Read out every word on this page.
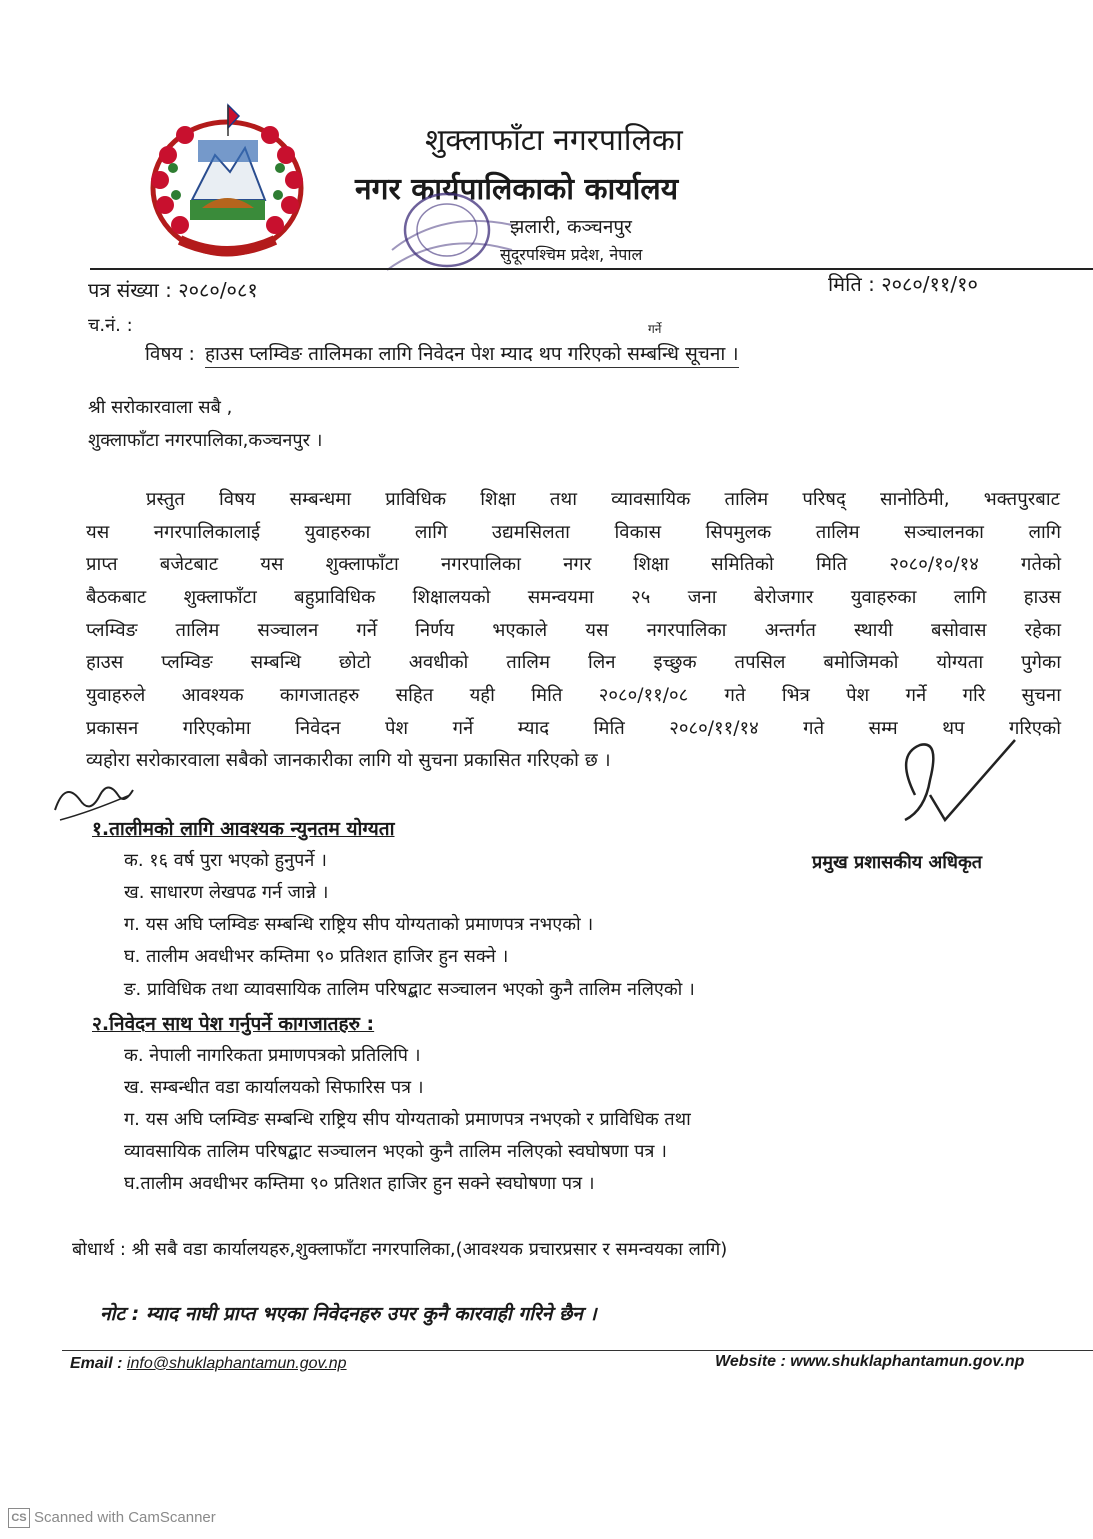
शुक्लाफाँटा नगरपालिका
नगर कार्यपालिकाको कार्यालय
झलारी, कञ्चनपुर
सुदूरपश्चिम प्रदेश, नेपाल
पत्र संख्या : २०८०/०८१	मिति : २०८०/११/१०
च.नं. :
विषय : हाउस प्लम्विङ तालिमका लागि निवेदन पेश म्याद थप गरिएको सम्बन्धि सूचना ।
गर्ने
श्री सरोकारवाला सबै ,
शुक्लाफाँटा नगरपालिका,कञ्चनपुर ।
प्रस्तुत विषय सम्बन्धमा प्राविधिक शिक्षा तथा व्यावसायिक तालिम परिषद् सानोठिमी, भक्तपुरबाट
यस नगरपालिकालाई युवाहरुका लागि उद्यमसिलता विकास सिपमुलक तालिम सञ्चालनका लागि
प्राप्त बजेटबाट यस शुक्लाफाँटा नगरपालिका नगर शिक्षा समितिको मिति २०८०/१०/१४ गतेको
बैठकबाट शुक्लाफाँटा बहुप्राविधिक शिक्षालयको समन्वयमा २५ जना बेरोजगार युवाहरुका लागि हाउस
प्लम्विङ तालिम सञ्चालन गर्ने निर्णय भएकाले यस नगरपालिका अन्तर्गत स्थायी बसोवास रहेका
हाउस प्लम्विङ सम्बन्धि छोटो अवधीको तालिम लिन इच्छुक तपसिल बमोजिमको योग्यता पुगेका
युवाहरुले आवश्यक कागजातहरु सहित यही मिति २०८०/११/०८ गते भित्र पेश गर्ने गरि सुचना
प्रकासन गरिएकोमा निवेदन पेश गर्ने म्याद मिति २०८०/११/१४ गते सम्म थप गरिएको
व्यहोरा सरोकारवाला सबैको जानकारीका लागि यो सुचना प्रकासित गरिएको छ ।
१.तालीमको लागि आवश्यक न्युनतम योग्यता
क. १६ वर्ष पुरा भएको हुनुपर्ने ।
ख. साधारण लेखपढ गर्न जान्ने ।
ग. यस अघि प्लम्विङ सम्बन्धि राष्ट्रिय सीप योग्यताको प्रमाणपत्र नभएको ।
घ. तालीम अवधीभर कम्तिमा ९० प्रतिशत हाजिर हुन सक्ने ।
ङ. प्राविधिक तथा व्यावसायिक तालिम परिषद्बाट सञ्चालन भएको कुनै तालिम नलिएको ।
प्रमुख प्रशासकीय अधिकृत
२.निवेदन साथ पेश गर्नुपर्ने कागजातहरु :
क. नेपाली नागरिकता प्रमाणपत्रको प्रतिलिपि ।
ख. सम्बन्धीत वडा कार्यालयको सिफारिस पत्र ।
ग. यस अघि प्लम्विङ सम्बन्धि राष्ट्रिय सीप योग्यताको प्रमाणपत्र नभएको र प्राविधिक तथा
व्यावसायिक तालिम परिषद्बाट सञ्चालन भएको कुनै तालिम नलिएको स्वघोषणा पत्र ।
घ.तालीम अवधीभर कम्तिमा ९० प्रतिशत हाजिर हुन सक्ने स्वघोषणा पत्र ।
बोधार्थ : श्री सबै वडा कार्यालयहरु,शुक्लाफाँटा नगरपालिका,(आवश्यक प्रचारप्रसार र समन्वयका लागि)
नोट : म्याद नाघी प्राप्त भएका निवेदनहरु उपर कुनै कारवाही गरिने छैन ।
Email : info@shuklaphantamun.gov.np	Website : www.shuklaphantamun.gov.np
CS Scanned with CamScanner
